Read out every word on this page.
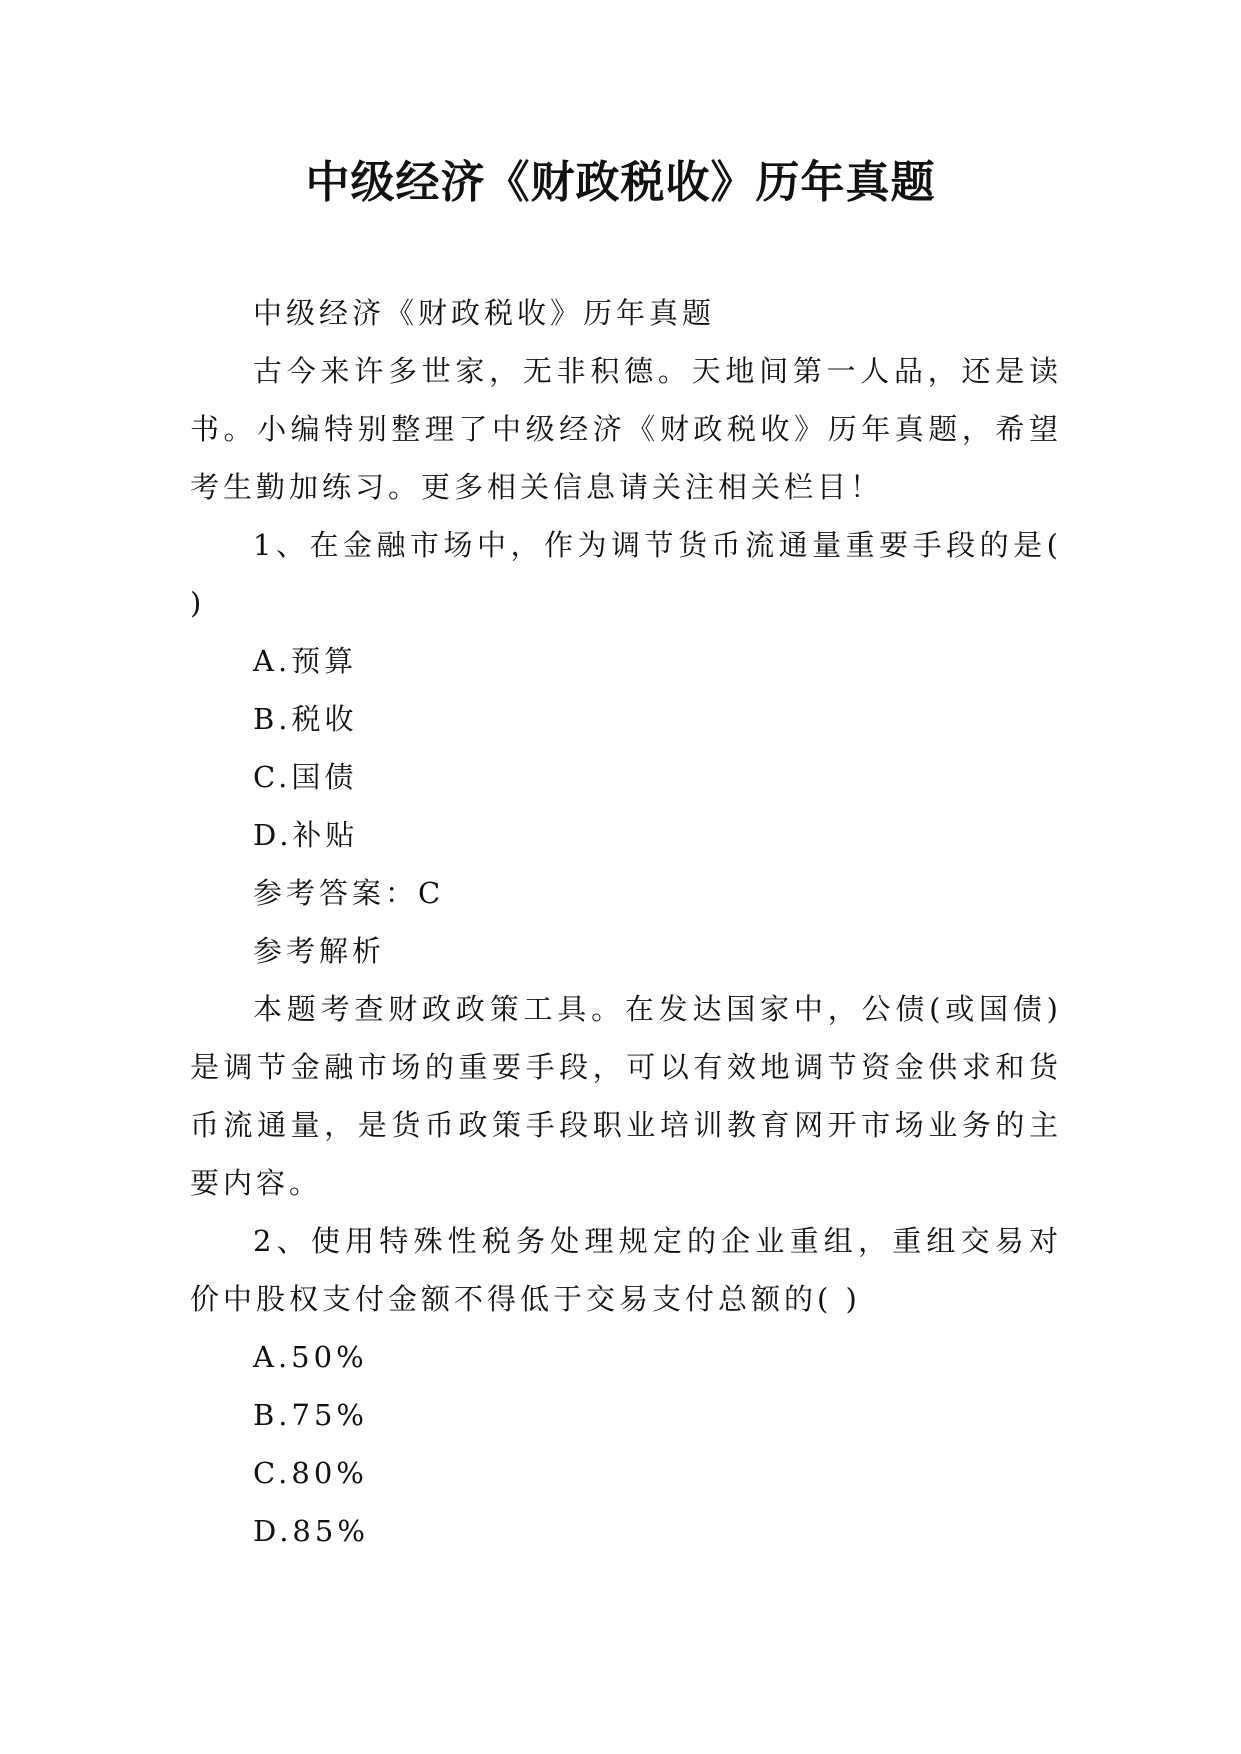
中级经济《财政税收》历年真题

中级经济《财政税收》历年真题

古今来许多世家，无非积德。天地间第一人品，还是读书。小编特别整理了中级经济《财政税收》历年真题，希望考生勤加练习。更多相关信息请关注相关栏目！

1、在金融市场中，作为调节货币流通量重要手段的是( )

A.预算

B.税收

C.国债

D.补贴

参考答案：C

参考解析

本题考查财政政策工具。在发达国家中，公债(或国债)是调节金融市场的重要手段，可以有效地调节资金供求和货币流通量，是货币政策手段职业培训教育网开市场业务的主要内容。

2、使用特殊性税务处理规定的企业重组，重组交易对价中股权支付金额不得低于交易支付总额的( )

A.50%

B.75%

C.80%

D.85%
